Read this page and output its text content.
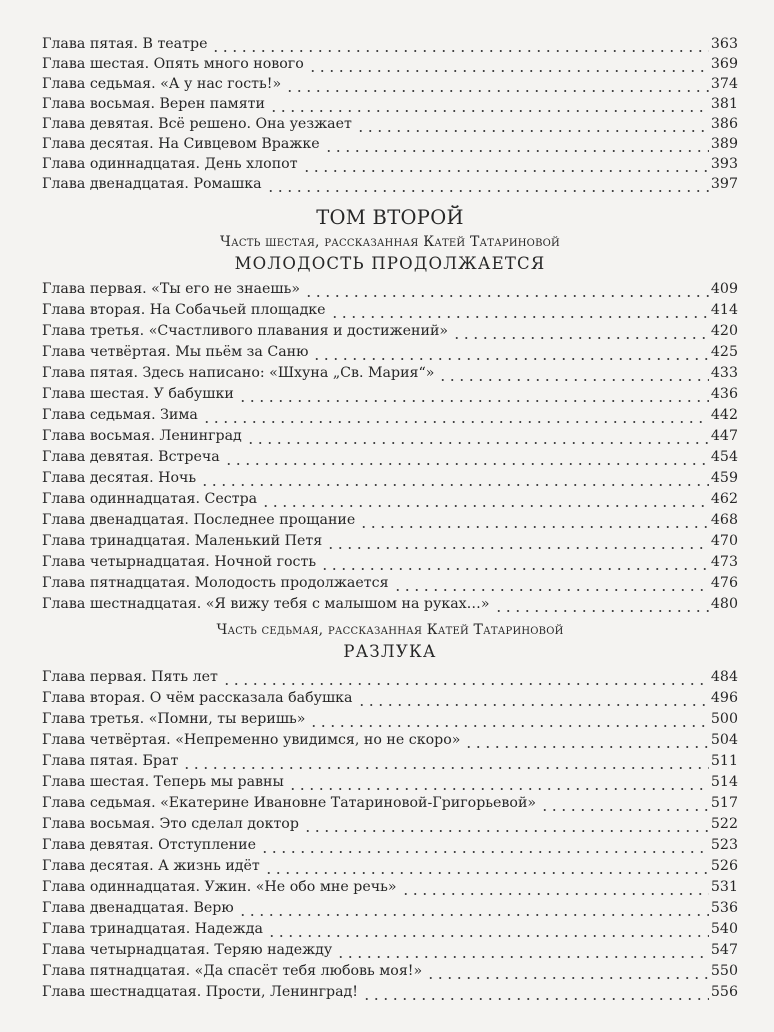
Глава пятая. В театре	363
Глава шестая. Опять много нового	369
Глава седьмая. «А у нас гость!»	374
Глава восьмая. Верен памяти	381
Глава девятая. Всё решено. Она уезжает	386
Глава десятая. На Сивцевом Вражке	389
Глава одиннадцатая. День хлопот	393
Глава двенадцатая. Ромашка	397
ТОМ ВТОРОЙ
Часть шестая, рассказанная Катей Татариновой
МОЛОДОСТЬ ПРОДОЛЖАЕТСЯ
Глава первая. «Ты его не знаешь»	409
Глава вторая. На Собачьей площадке	414
Глава третья. «Счастливого плавания и достижений»	420
Глава четвёртая. Мы пьём за Саню	425
Глава пятая. Здесь написано: «Шхуна „Св. Мария“»	433
Глава шестая. У бабушки	436
Глава седьмая. Зима	442
Глава восьмая. Ленинград	447
Глава девятая. Встреча	454
Глава десятая. Ночь	459
Глава одиннадцатая. Сестра	462
Глава двенадцатая. Последнее прощание	468
Глава тринадцатая. Маленький Петя	470
Глава четырнадцатая. Ночной гость	473
Глава пятнадцатая. Молодость продолжается	476
Глава шестнадцатая. «Я вижу тебя с малышом на руках…»	480
Часть седьмая, рассказанная Катей Татариновой
РАЗЛУКА
Глава первая. Пять лет	484
Глава вторая. О чём рассказала бабушка	496
Глава третья. «Помни, ты веришь»	500
Глава четвёртая. «Непременно увидимся, но не скоро»	504
Глава пятая. Брат	511
Глава шестая. Теперь мы равны	514
Глава седьмая. «Екатерине Ивановне Татариновой-Григорьевой»	517
Глава восьмая. Это сделал доктор	522
Глава девятая. Отступление	523
Глава десятая. А жизнь идёт	526
Глава одиннадцатая. Ужин. «Не обо мне речь»	531
Глава двенадцатая. Верю	536
Глава тринадцатая. Надежда	540
Глава четырнадцатая. Теряю надежду	547
Глава пятнадцатая. «Да спасёт тебя любовь моя!»	550
Глава шестнадцатая. Прости, Ленинград!	556
